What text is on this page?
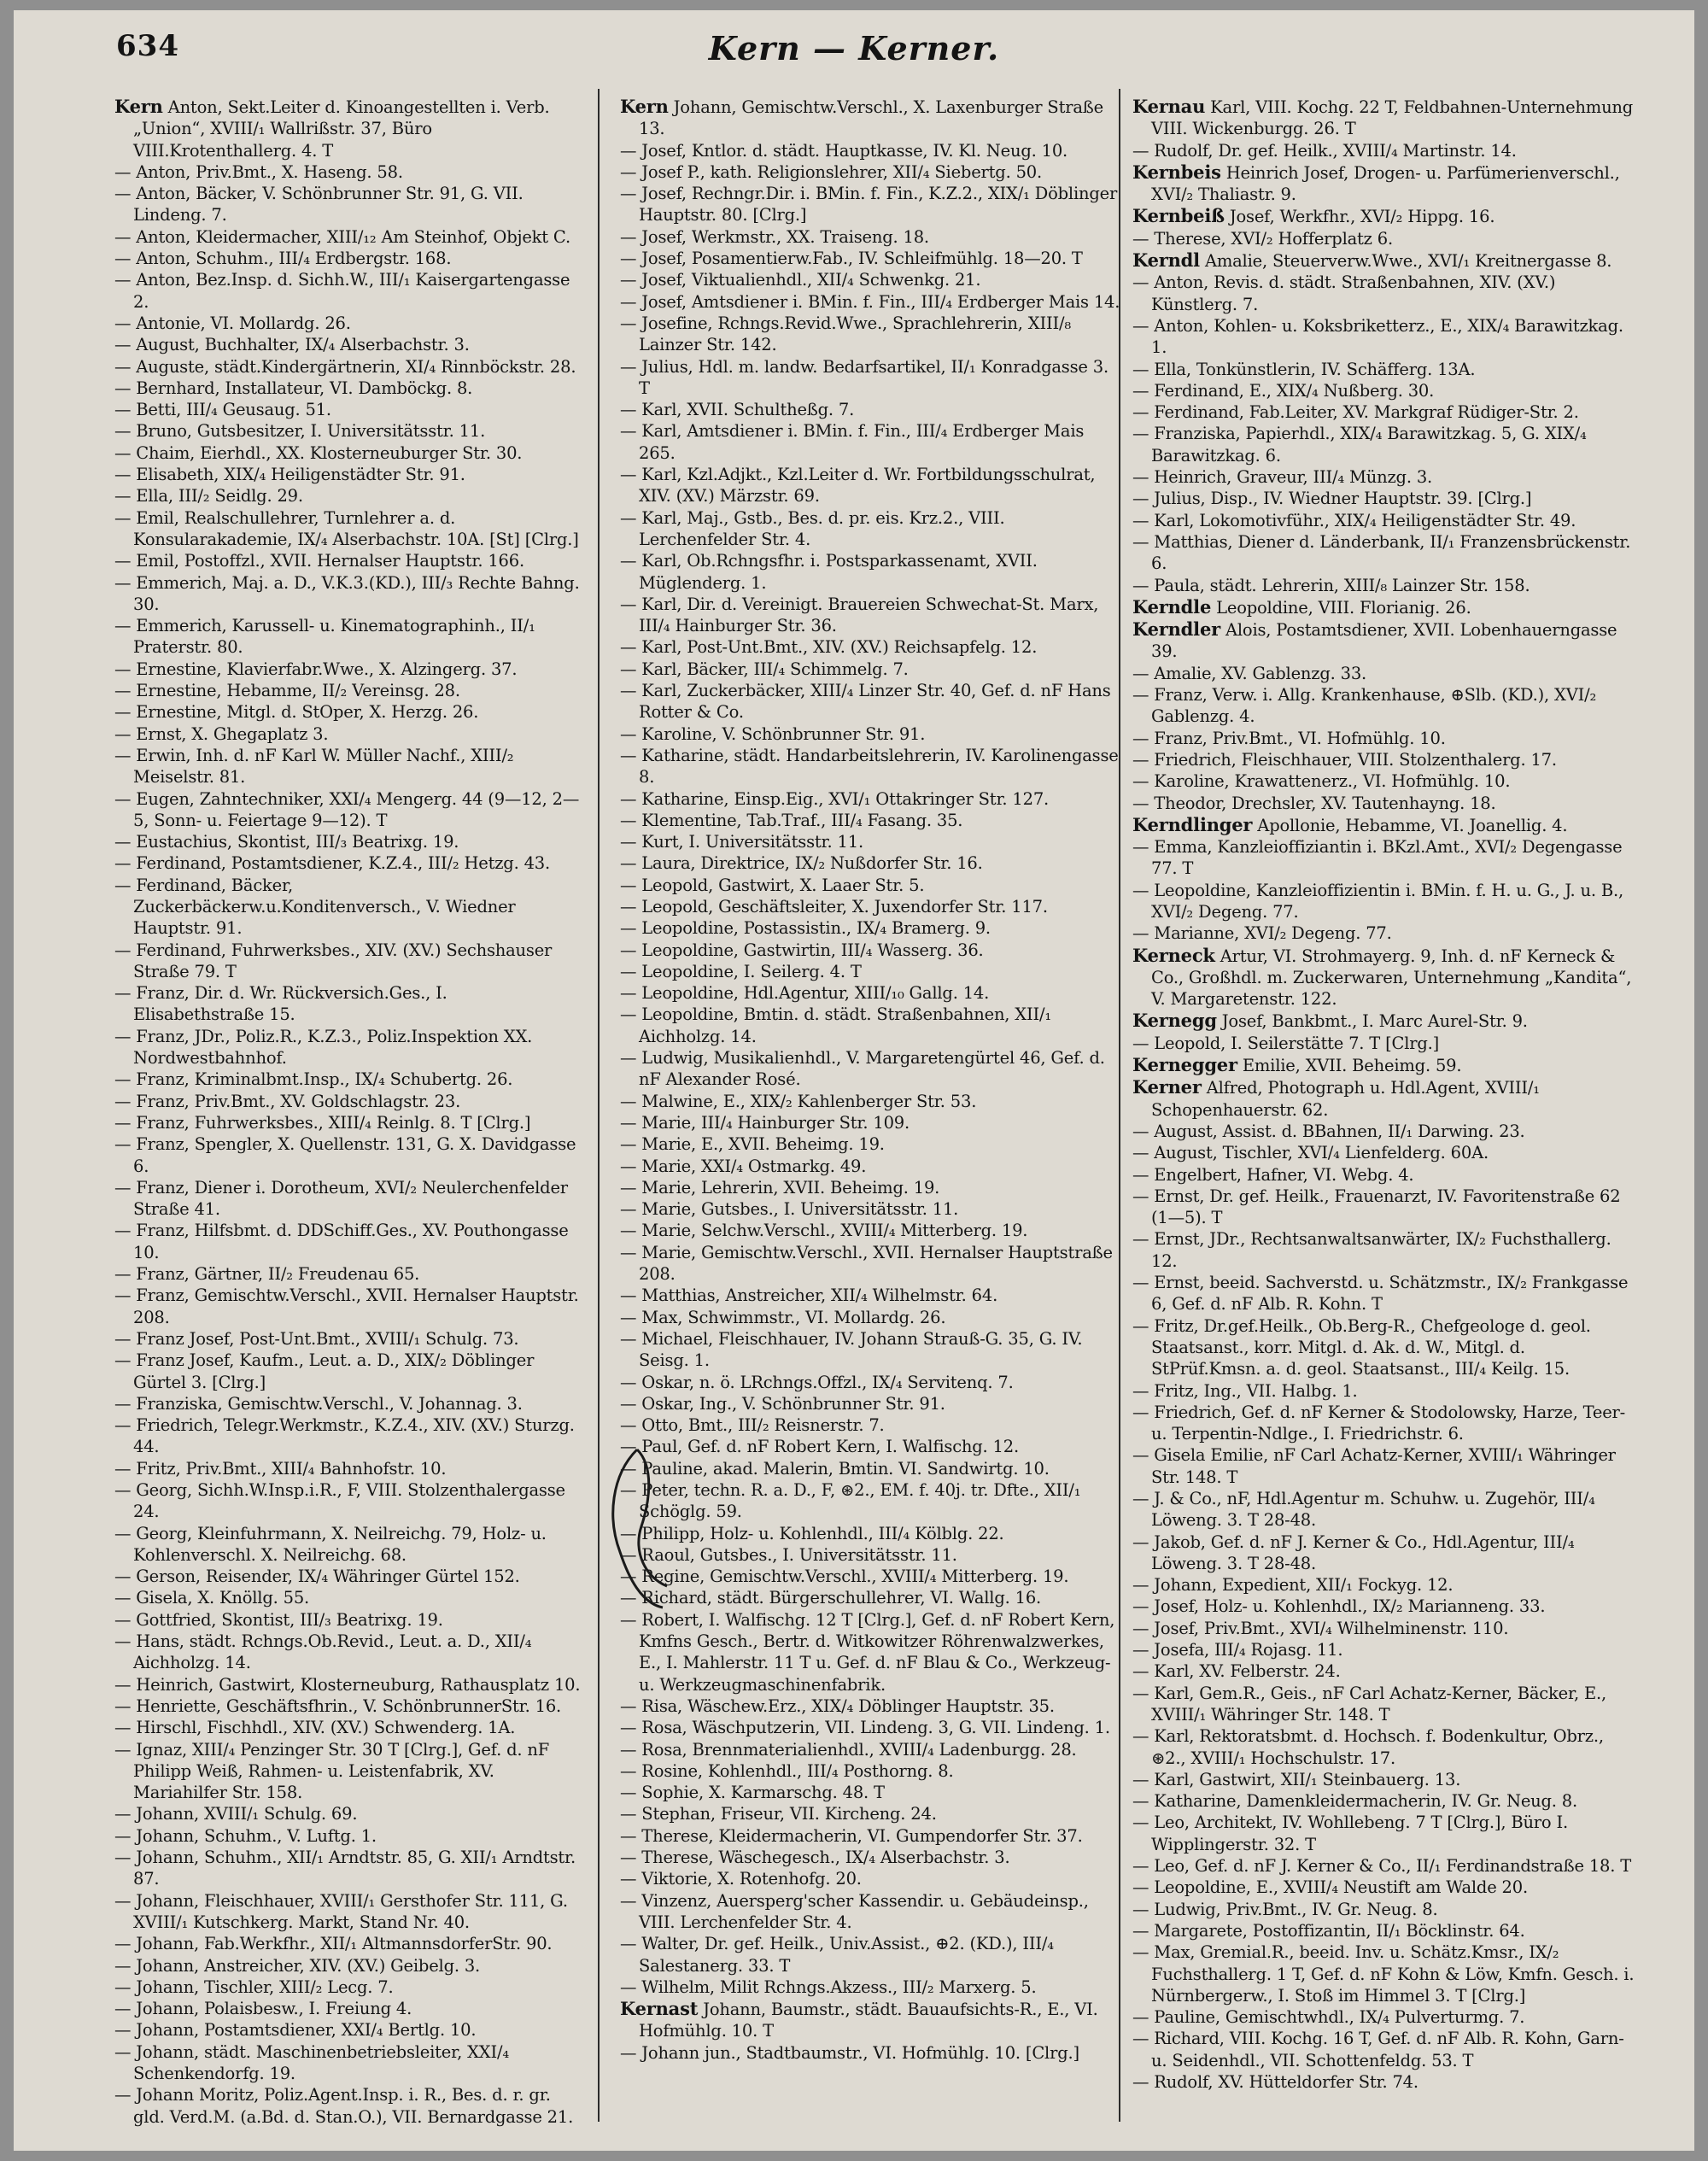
634	Kern — Kerner.

Kern Anton, Sekt.Leiter d. Kinoangestellten i. Verb. „Union“, XVIII/₁ Wallrißstr. 37, Büro VIII.Krotenthallerg. 4. T

— Anton, Priv.Bmt., X. Haseng. 58.

— Anton, Bäcker, V. Schönbrunner Str. 91, G. VII. Lindeng. 7.

— Anton, Kleidermacher, XIII/₁₂ Am Steinhof, Objekt C.

— Anton, Schuhm., III/₄ Erdbergstr. 168.

— Anton, Bez.Insp. d. Sichh.W., III/₁ Kaisergartengasse 2.

— Antonie, VI. Mollardg. 26.

— August, Buchhalter, IX/₄ Alserbachstr. 3.

— Auguste, städt.Kindergärtnerin, XI/₄ Rinnböckstr. 28.

— Bernhard, Installateur, VI. Damböckg. 8.

— Betti, III/₄ Geusaug. 51.

— Bruno, Gutsbesitzer, I. Universitätsstr. 11.

— Chaim, Eierhdl., XX. Klosterneuburger Str. 30.

— Elisabeth, XIX/₄ Heiligenstädter Str. 91.

— Ella, III/₂ Seidlg. 29.

— Emil, Realschullehrer, Turnlehrer a. d. Konsularakademie, IX/₄ Alserbachstr. 10A. [St] [Clrg.]

— Emil, Postoffzl., XVII. Hernalser Hauptstr. 166.

— Emmerich, Maj. a. D., V.K.3.(KD.), III/₃ Rechte Bahng. 30.

— Emmerich, Karussell- u. Kinematographinh., II/₁ Praterstr. 80.

— Ernestine, Klavierfabr.Wwe., X. Alzingerg. 37.

— Ernestine, Hebamme, II/₂ Vereinsg. 28.

— Ernestine, Mitgl. d. StOper, X. Herzg. 26.

— Ernst, X. Ghegaplatz 3.

— Erwin, Inh. d. nF Karl W. Müller Nachf., XIII/₂ Meiselstr. 81.

— Eugen, Zahntechniker, XXI/₄ Mengerg. 44 (9—12, 2—5, Sonn- u. Feiertage 9—12). T

— Eustachius, Skontist, III/₃ Beatrixg. 19.

— Ferdinand, Postamtsdiener, K.Z.4., III/₂ Hetzg. 43.

— Ferdinand, Bäcker, Zuckerbäckerw.u.Konditenversch., V. Wiedner Hauptstr. 91.

— Ferdinand, Fuhrwerksbes., XIV. (XV.) Sechshauser Straße 79. T

— Franz, Dir. d. Wr. Rückversich.Ges., I. Elisabethstraße 15.

— Franz, JDr., Poliz.R., K.Z.3., Poliz.Inspektion XX. Nordwestbahnhof.

— Franz, Kriminalbmt.Insp., IX/₄ Schubertg. 26.

— Franz, Priv.Bmt., XV. Goldschlagstr. 23.

— Franz, Fuhrwerksbes., XIII/₄ Reinlg. 8. T [Clrg.]

— Franz, Spengler, X. Quellenstr. 131, G. X. Davidgasse 6.

— Franz, Diener i. Dorotheum, XVI/₂ Neulerchenfelder Straße 41.

— Franz, Hilfsbmt. d. DDSchiff.Ges., XV. Pouthongasse 10.

— Franz, Gärtner, II/₂ Freudenau 65.

— Franz, Gemischtw.Verschl., XVII. Hernalser Hauptstr. 208.

— Franz Josef, Post-Unt.Bmt., XVIII/₁ Schulg. 73.

— Franz Josef, Kaufm., Leut. a. D., XIX/₂ Döblinger Gürtel 3. [Clrg.]

— Franziska, Gemischtw.Verschl., V. Johannag. 3.

— Friedrich, Telegr.Werkmstr., K.Z.4., XIV. (XV.) Sturzg. 44.

— Fritz, Priv.Bmt., XIII/₄ Bahnhofstr. 10.

— Georg, Sichh.W.Insp.i.R., F, VIII. Stolzenthalergasse 24.

— Georg, Kleinfuhrmann, X. Neilreichg. 79, Holz- u. Kohlenverschl. X. Neilreichg. 68.

— Gerson, Reisender, IX/₄ Währinger Gürtel 152.

— Gisela, X. Knöllg. 55.

— Gottfried, Skontist, III/₃ Beatrixg. 19.

— Hans, städt. Rchngs.Ob.Revid., Leut. a. D., XII/₄ Aichholzg. 14.

— Heinrich, Gastwirt, Klosterneuburg, Rathausplatz 10.

— Henriette, Geschäftsfhrin., V. SchönbrunnerStr. 16.

— Hirschl, Fischhdl., XIV. (XV.) Schwenderg. 1A.

— Ignaz, XIII/₄ Penzinger Str. 30 T [Clrg.], Gef. d. nF Philipp Weiß, Rahmen- u. Leistenfabrik, XV. Mariahilfer Str. 158.

— Johann, XVIII/₁ Schulg. 69.

— Johann, Schuhm., V. Luftg. 1.

— Johann, Schuhm., XII/₁ Arndtstr. 85, G. XII/₁ Arndtstr. 87.

— Johann, Fleischhauer, XVIII/₁ Gersthofer Str. 111, G. XVIII/₁ Kutschkerg. Markt, Stand Nr. 40.

— Johann, Fab.Werkfhr., XII/₁ AltmannsdorferStr. 90.

— Johann, Anstreicher, XIV. (XV.) Geibelg. 3.

— Johann, Tischler, XIII/₂ Lecg. 7.

— Johann, Polaisbesw., I. Freiung 4.

— Johann, Postamtsdiener, XXI/₄ Bertlg. 10.

— Johann, städt. Maschinenbetriebsleiter, XXI/₄ Schenkendorfg. 19.

— Johann Moritz, Poliz.Agent.Insp. i. R., Bes. d. r. gr. gld. Verd.M. (a.Bd. d. Stan.O.), VII. Bernardgasse 21.

Kern Johann, Gemischtw.Verschl., X. Laxenburger Straße 13.

— Josef, Kntlor. d. städt. Hauptkasse, IV. Kl. Neug. 10.

— Josef P., kath. Religionslehrer, XII/₄ Siebertg. 50.

— Josef, Rechngr.Dir. i. BMin. f. Fin., K.Z.2., XIX/₁ Döblinger Hauptstr. 80. [Clrg.]

— Josef, Werkmstr., XX. Traiseng. 18.

— Josef, Posamentierw.Fab., IV. Schleifmühlg. 18—20. T

— Josef, Viktualienhdl., XII/₄ Schwenkg. 21.

— Josef, Amtsdiener i. BMin. f. Fin., III/₄ Erdberger Mais 14.

— Josefine, Rchngs.Revid.Wwe., Sprachlehrerin, XIII/₈ Lainzer Str. 142.

— Julius, Hdl. m. landw. Bedarfsartikel, II/₁ Konradgasse 3. T

— Karl, XVII. Schultheßg. 7.

— Karl, Amtsdiener i. BMin. f. Fin., III/₄ Erdberger Mais 265.

— Karl, Kzl.Adjkt., Kzl.Leiter d. Wr. Fortbildungsschulrat, XIV. (XV.) Märzstr. 69.

— Karl, Maj., Gstb., Bes. d. pr. eis. Krz.2., VIII. Lerchenfelder Str. 4.

— Karl, Ob.Rchngsfhr. i. Postsparkassenamt, XVII. Müglenderg. 1.

— Karl, Dir. d. Vereinigt. Brauereien Schwechat-St. Marx, III/₄ Hainburger Str. 36.

— Karl, Post-Unt.Bmt., XIV. (XV.) Reichsapfelg. 12.

— Karl, Bäcker, III/₄ Schimmelg. 7.

— Karl, Zuckerbäcker, XIII/₄ Linzer Str. 40, Gef. d. nF Hans Rotter & Co.

— Karoline, V. Schönbrunner Str. 91.

— Katharine, städt. Handarbeitslehrerin, IV. Karolinengasse 8.

— Katharine, Einsp.Eig., XVI/₁ Ottakringer Str. 127.

— Klementine, Tab.Traf., III/₄ Fasang. 35.

— Kurt, I. Universitätsstr. 11.

— Laura, Direktrice, IX/₂ Nußdorfer Str. 16.

— Leopold, Gastwirt, X. Laaer Str. 5.

— Leopold, Geschäftsleiter, X. Juxendorfer Str. 117.

— Leopoldine, Postassistin., IX/₄ Bramerg. 9.

— Leopoldine, Gastwirtin, III/₄ Wasserg. 36.

— Leopoldine, I. Seilerg. 4. T

— Leopoldine, Hdl.Agentur, XIII/₁₀ Gallg. 14.

— Leopoldine, Bmtin. d. städt. Straßenbahnen, XII/₁ Aichholzg. 14.

— Ludwig, Musikalienhdl., V. Margaretengürtel 46, Gef. d. nF Alexander Rosé.

— Malwine, E., XIX/₂ Kahlenberger Str. 53.

— Marie, III/₄ Hainburger Str. 109.

— Marie, E., XVII. Beheimg. 19.

— Marie, XXI/₄ Ostmarkg. 49.

— Marie, Lehrerin, XVII. Beheimg. 19.

— Marie, Gutsbes., I. Universitätsstr. 11.

— Marie, Selchw.Verschl., XVIII/₄ Mitterberg. 19.

— Marie, Gemischtw.Verschl., XVII. Hernalser Hauptstraße 208.

— Matthias, Anstreicher, XII/₄ Wilhelmstr. 64.

— Max, Schwimmstr., VI. Mollardg. 26.

— Michael, Fleischhauer, IV. Johann Strauß-G. 35, G. IV. Seisg. 1.

— Oskar, n. ö. LRchngs.Offzl., IX/₄ Servitenq. 7.

— Oskar, Ing., V. Schönbrunner Str. 91.

— Otto, Bmt., III/₂ Reisnerstr. 7.

— Paul, Gef. d. nF Robert Kern, I. Walfischg. 12.

— Pauline, akad. Malerin, Bmtin. VI. Sandwirtg. 10.

— Peter, techn. R. a. D., F, ⊛2., EM. f. 40j. tr. Dfte., XII/₁ Schöglg. 59.

— Philipp, Holz- u. Kohlenhdl., III/₄ Kölblg. 22.

— Raoul, Gutsbes., I. Universitätsstr. 11.

— Regine, Gemischtw.Verschl., XVIII/₄ Mitterberg. 19.

— Richard, städt. Bürgerschullehrer, VI. Wallg. 16.

— Robert, I. Walfischg. 12 T [Clrg.], Gef. d. nF Robert Kern, Kmfns Gesch., Bertr. d. Witkowitzer Röhrenwalzwerkes, E., I. Mahlerstr. 11 T u. Gef. d. nF Blau & Co., Werkzeug- u. Werkzeugmaschinenfabrik.

— Risa, Wäschew.Erz., XIX/₄ Döblinger Hauptstr. 35.

— Rosa, Wäschputzerin, VII. Lindeng. 3, G. VII. Lindeng. 1.

— Rosa, Brennmaterialienhdl., XVIII/₄ Ladenburgg. 28.

— Rosine, Kohlenhdl., III/₄ Posthorng. 8.

— Sophie, X. Karmarschg. 48. T

— Stephan, Friseur, VII. Kircheng. 24.

— Therese, Kleidermacherin, VI. Gumpendorfer Str. 37.

— Therese, Wäschegesch., IX/₄ Alserbachstr. 3.

— Viktorie, X. Rotenhofg. 20.

— Vinzenz, Auersperg'scher Kassendir. u. Gebäudeinsp., VIII. Lerchenfelder Str. 4.

— Walter, Dr. gef. Heilk., Univ.Assist., ⊕2. (KD.), III/₄ Salestanerg. 33. T

— Wilhelm, Milit Rchngs.Akzess., III/₂ Marxerg. 5.

Kernast Johann, Baumstr., städt. Bauaufsichts-R., E., VI. Hofmühlg. 10. T

— Johann jun., Stadtbaumstr., VI. Hofmühlg. 10. [Clrg.]

Kernau Karl, VIII. Kochg. 22 T, Feldbahnen-Unternehmung VIII. Wickenburgg. 26. T

— Rudolf, Dr. gef. Heilk., XVIII/₄ Martinstr. 14.

Kernbeis Heinrich Josef, Drogen- u. Parfümerienverschl., XVI/₂ Thaliastr. 9.

Kernbeiß Josef, Werkfhr., XVI/₂ Hippg. 16.

— Therese, XVI/₂ Hofferplatz 6.

Kerndl Amalie, Steuerverw.Wwe., XVI/₁ Kreitnergasse 8.

— Anton, Revis. d. städt. Straßenbahnen, XIV. (XV.) Künstlerg. 7.

— Anton, Kohlen- u. Koksbriketterz., E., XIX/₄ Barawitzkag. 1.

— Ella, Tonkünstlerin, IV. Schäfferg. 13A.

— Ferdinand, E., XIX/₄ Nußberg. 30.

— Ferdinand, Fab.Leiter, XV. Markgraf Rüdiger-Str. 2.

— Franziska, Papierhdl., XIX/₄ Barawitzkag. 5, G. XIX/₄ Barawitzkag. 6.

— Heinrich, Graveur, III/₄ Münzg. 3.

— Julius, Disp., IV. Wiedner Hauptstr. 39. [Clrg.]

— Karl, Lokomotivführ., XIX/₄ Heiligenstädter Str. 49.

— Matthias, Diener d. Länderbank, II/₁ Franzensbrückenstr. 6.

— Paula, städt. Lehrerin, XIII/₈ Lainzer Str. 158.

Kerndle Leopoldine, VIII. Florianig. 26.

Kerndler Alois, Postamtsdiener, XVII. Lobenhauerngasse 39.

— Amalie, XV. Gablenzg. 33.

— Franz, Verw. i. Allg. Krankenhause, ⊕Slb. (KD.), XVI/₂ Gablenzg. 4.

— Franz, Priv.Bmt., VI. Hofmühlg. 10.

— Friedrich, Fleischhauer, VIII. Stolzenthalerg. 17.

— Karoline, Krawattenerz., VI. Hofmühlg. 10.

— Theodor, Drechsler, XV. Tautenhayng. 18.

Kerndlinger Apollonie, Hebamme, VI. Joanellig. 4.

— Emma, Kanzleioffiziantin i. BKzl.Amt., XVI/₂ Degengasse 77. T

— Leopoldine, Kanzleioffizientin i. BMin. f. H. u. G., J. u. B., XVI/₂ Degeng. 77.

— Marianne, XVI/₂ Degeng. 77.

Kerneck Artur, VI. Strohmayerg. 9, Inh. d. nF Kerneck & Co., Großhdl. m. Zuckerwaren, Unternehmung „Kandita“, V. Margaretenstr. 122.

Kernegg Josef, Bankbmt., I. Marc Aurel-Str. 9.

— Leopold, I. Seilerstätte 7. T [Clrg.]

Kernegger Emilie, XVII. Beheimg. 59.

Kerner Alfred, Photograph u. Hdl.Agent, XVIII/₁ Schopenhauerstr. 62.

— August, Assist. d. BBahnen, II/₁ Darwing. 23.

— August, Tischler, XVI/₄ Lienfelderg. 60A.

— Engelbert, Hafner, VI. Webg. 4.

— Ernst, Dr. gef. Heilk., Frauenarzt, IV. Favoritenstraße 62 (1—5). T

— Ernst, JDr., Rechtsanwaltsanwärter, IX/₂ Fuchsthallerg. 12.

— Ernst, beeid. Sachverstd. u. Schätzmstr., IX/₂ Frankgasse 6, Gef. d. nF Alb. R. Kohn. T

— Fritz, Dr.gef.Heilk., Ob.Berg-R., Chefgeologe d. geol. Staatsanst., korr. Mitgl. d. Ak. d. W., Mitgl. d. StPrüf.Kmsn. a. d. geol. Staatsanst., III/₄ Keilg. 15.

— Fritz, Ing., VII. Halbg. 1.

— Friedrich, Gef. d. nF Kerner & Stodolowsky, Harze, Teer- u. Terpentin-Ndlge., I. Friedrichstr. 6.

— Gisela Emilie, nF Carl Achatz-Kerner, XVIII/₁ Währinger Str. 148. T

— J. & Co., nF, Hdl.Agentur m. Schuhw. u. Zugehör, III/₄ Löweng. 3. T 28-48.

— Jakob, Gef. d. nF J. Kerner & Co., Hdl.Agentur, III/₄ Löweng. 3. T 28-48.

— Johann, Expedient, XII/₁ Fockyg. 12.

— Josef, Holz- u. Kohlenhdl., IX/₂ Marianneng. 33.

— Josef, Priv.Bmt., XVI/₄ Wilhelminenstr. 110.

— Josefa, III/₄ Rojasg. 11.

— Karl, XV. Felberstr. 24.

— Karl, Gem.R., Geis., nF Carl Achatz-Kerner, Bäcker, E., XVIII/₁ Währinger Str. 148. T

— Karl, Rektoratsbmt. d. Hochsch. f. Bodenkultur, Obrz., ⊛2., XVIII/₁ Hochschulstr. 17.

— Karl, Gastwirt, XII/₁ Steinbauerg. 13.

— Katharine, Damenkleidermacherin, IV. Gr. Neug. 8.

— Leo, Architekt, IV. Wohllebeng. 7 T [Clrg.], Büro I. Wipplingerstr. 32. T

— Leo, Gef. d. nF J. Kerner & Co., II/₁ Ferdinandstraße 18. T

— Leopoldine, E., XVIII/₄ Neustift am Walde 20.

— Ludwig, Priv.Bmt., IV. Gr. Neug. 8.

— Margarete, Postoffizantin, II/₁ Böcklinstr. 64.

— Max, Gremial.R., beeid. Inv. u. Schätz.Kmsr., IX/₂ Fuchsthallerg. 1 T, Gef. d. nF Kohn & Löw, Kmfn. Gesch. i. Nürnbergerw., I. Stoß im Himmel 3. T [Clrg.]

— Pauline, Gemischtwhdl., IX/₄ Pulverturmg. 7.

— Richard, VIII. Kochg. 16 T, Gef. d. nF Alb. R. Kohn, Garn- u. Seidenhdl., VII. Schottenfeldg. 53. T

— Rudolf, XV. Hütteldorfer Str. 74.
